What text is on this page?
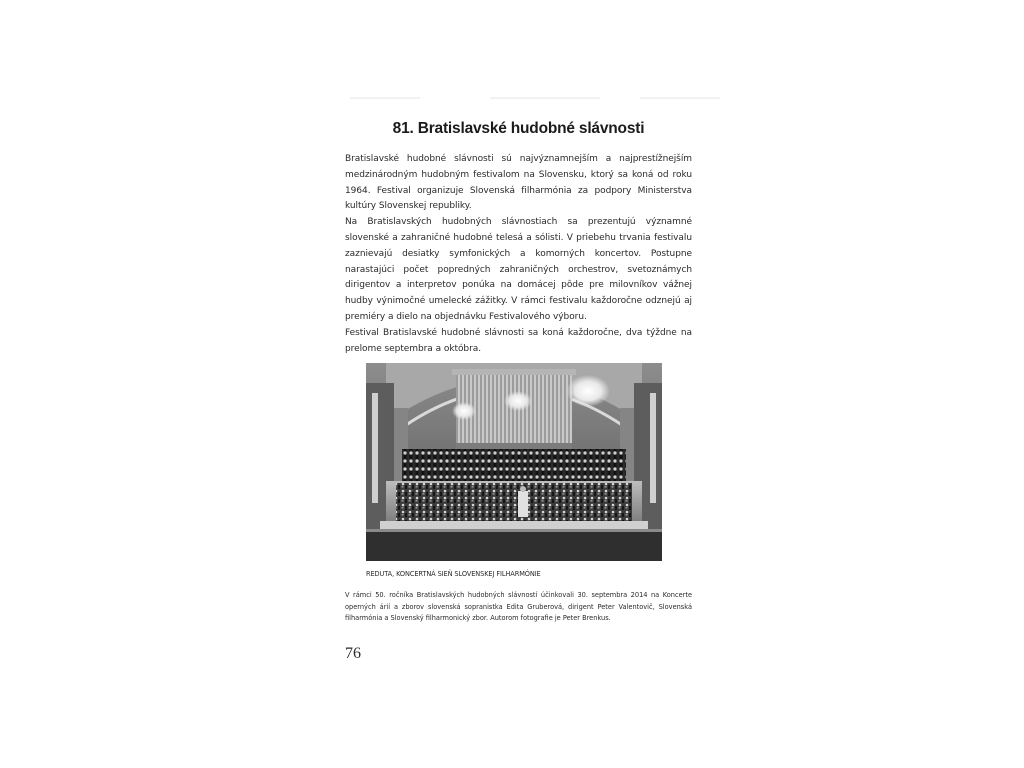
81. Bratislavské hudobné slávnosti

Bratislavské hudobné slávnosti sú najvýznamnejším a najprestížnejším medzinárodným hudobným festivalom na Slovensku, ktorý sa koná od roku 1964. Festival organizuje Slovenská filharmónia za podpory Ministerstva kultúry Slovenskej republiky.

Na Bratislavských hudobných slávnostiach sa prezentujú významné slovenské a zahraničné hudobné telesá a sólisti. V priebehu trvania festivalu zaznievajú desiatky symfonických a komorných koncertov. Postupne narastajúci počet popredných zahraničných orchestrov, svetoznámych dirigentov a interpretov ponúka na domácej pôde pre milovníkov vážnej hudby výnimočné umelecké zážitky. V rámci festivalu každoročne odznejú aj premiéry a dielo na objednávku Festivalového výboru.

Festival Bratislavské hudobné slávnosti sa koná každoročne, dva týždne na prelome septembra a októbra.

REDUTA, KONCERTNÁ SIEŇ SLOVENSKEJ FILHARMÓNIE

V rámci 50. ročníka Bratislavských hudobných slávností účinkovali 30. septembra 2014 na Koncerte operných árií a zborov slovenská sopranistka Edita Gruberová, dirigent Peter Valentovič, Slovenská filharmónia a Slovenský filharmonický zbor. Autorom fotografie je Peter Brenkus.

76
